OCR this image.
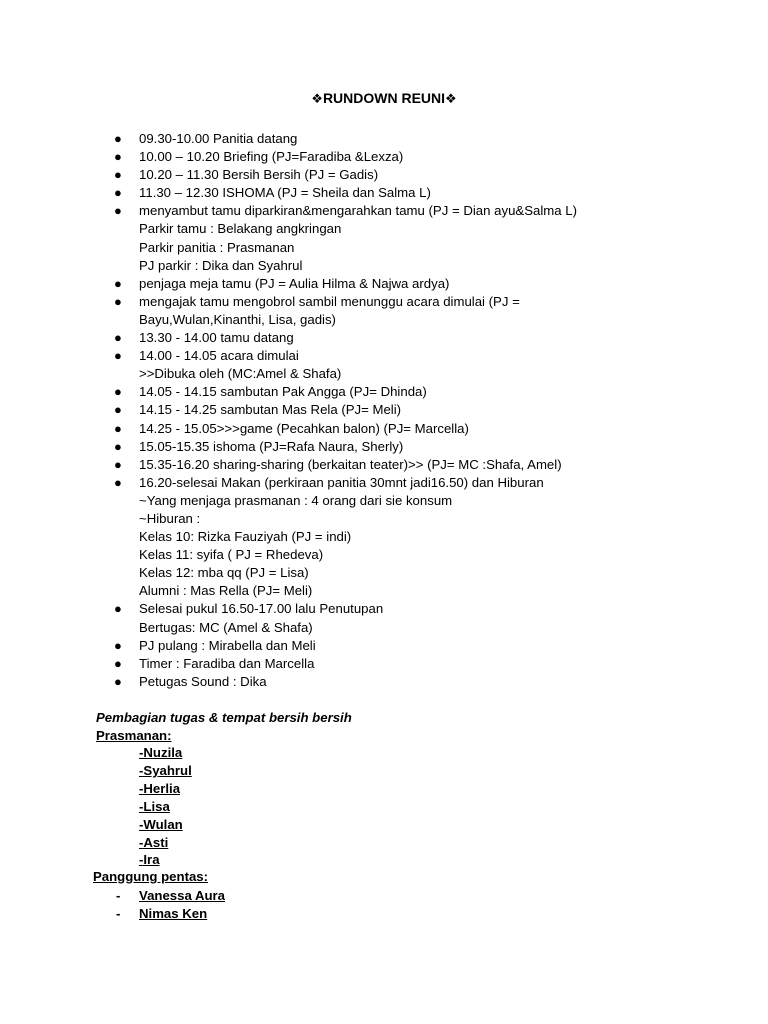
❖RUNDOWN REUNI❖
● 09.30-10.00 Panitia datang
● 10.00 – 10.20 Briefing (PJ=Faradiba &Lexza)
● 10.20 – 11.30 Bersih Bersih (PJ = Gadis)
● 11.30 – 12.30 ISHOMA (PJ = Sheila dan Salma L)
● menyambut tamu diparkiran&mengarahkan tamu (PJ = Dian ayu&Salma L)
Parkir tamu : Belakang angkringan
Parkir panitia : Prasmanan
PJ parkir : Dika dan Syahrul
● penjaga meja tamu (PJ = Aulia Hilma & Najwa ardya)
● mengajak tamu mengobrol sambil menunggu acara dimulai (PJ =
Bayu,Wulan,Kinanthi, Lisa, gadis)
● 13.30 - 14.00 tamu datang
● 14.00 - 14.05 acara dimulai
>>Dibuka oleh (MC:Amel & Shafa)
● 14.05 - 14.15 sambutan Pak Angga (PJ= Dhinda)
● 14.15 - 14.25 sambutan Mas Rela (PJ= Meli)
● 14.25 - 15.05>>>game (Pecahkan balon) (PJ= Marcella)
● 15.05-15.35 ishoma (PJ=Rafa Naura, Sherly)
● 15.35-16.20 sharing-sharing (berkaitan teater)>> (PJ= MC :Shafa, Amel)
● 16.20-selesai Makan (perkiraan panitia 30mnt jadi16.50) dan Hiburan
~Yang menjaga prasmanan : 4 orang dari sie konsum
~Hiburan :
Kelas 10: Rizka Fauziyah (PJ = indi)
Kelas 11: syifa ( PJ = Rhedeva)
Kelas 12: mba qq (PJ = Lisa)
Alumni : Mas Rella (PJ= Meli)
● Selesai pukul 16.50-17.00 lalu Penutupan
Bertugas: MC (Amel & Shafa)
● PJ pulang : Mirabella dan Meli
● Timer : Faradiba dan Marcella
● Petugas Sound : Dika
Pembagian tugas & tempat bersih bersih
Prasmanan:
-Nuzila
-Syahrul
-Herlia
-Lisa
-Wulan
-Asti
-Ira
Panggung pentas:
- Vanessa Aura
- Nimas Ken
